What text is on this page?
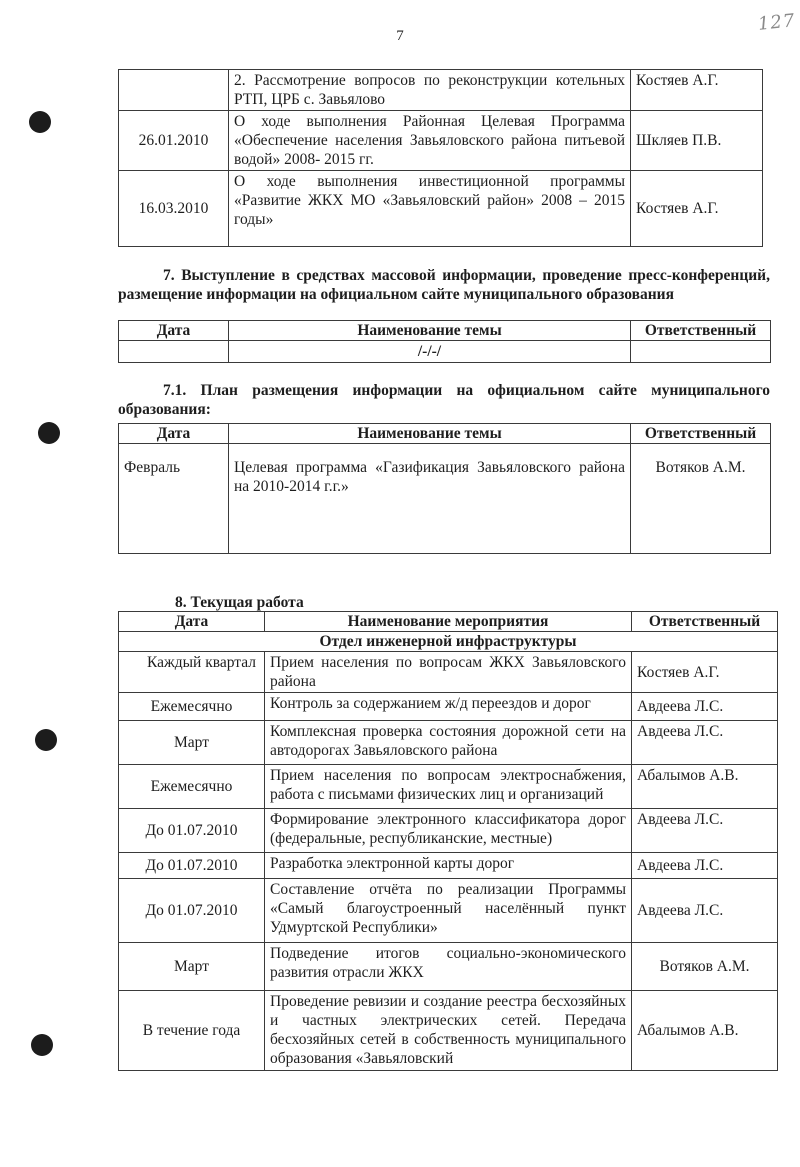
127
7
	2. Рассмотрение вопросов по реконструкции котельных РТП, ЦРБ с. Завьялово	Костяев А.Г.
26.01.2010	О ходе выполнения Районная Целевая Программа «Обеспечение населения Завьяловского района питьевой водой» 2008- 2015 гг.	Шкляев П.В.
16.03.2010	О ходе выполнения инвестиционной программы «Развитие ЖКХ МО «Завьяловский район» 2008 – 2015 годы»	Костяев А.Г.
7. Выступление в средствах массовой информации, проведение пресс-конференций, размещение информации на официальном сайте муниципального образования
Дата	Наименование темы	Ответственный
	/-/-/	
7.1. План размещения информации на официальном сайте муниципального образования:
Дата	Наименование темы	Ответственный
Февраль	Целевая программа «Газификация Завьяловского района на 2010-2014 г.г.»	Вотяков А.М.
8. Текущая работа
Дата	Наименование мероприятия	Ответственный
Отдел инженерной инфраструктуры		
Каждый квартал	Прием населения по вопросам ЖКХ Завьяловского района	Костяев А.Г.
Ежемесячно	Контроль за содержанием ж/д переездов и дорог	Авдеева Л.С.
Март	Комплексная проверка состояния дорожной сети на автодорогах Завьяловского района	Авдеева Л.С.
Ежемесячно	Прием населения по вопросам электроснабжения, работа с письмами физических лиц и организаций	Абалымов А.В.
До 01.07.2010	Формирование электронного классификатора дорог (федеральные, республиканские, местные)	Авдеева Л.С.
До 01.07.2010	Разработка электронной карты дорог	Авдеева Л.С.
До 01.07.2010	Составление отчёта по реализации Программы «Самый благоустроенный населённый пункт Удмуртской Республики»	Авдеева Л.С.
Март	Подведение итогов социально-экономического развития отрасли ЖКХ	Вотяков А.М.
В течение года	Проведение ревизии и создание реестра бесхозяйных и частных электрических сетей. Передача бесхозяйных сетей в собственность муниципального образования «Завьяловский	Абалымов А.В.
